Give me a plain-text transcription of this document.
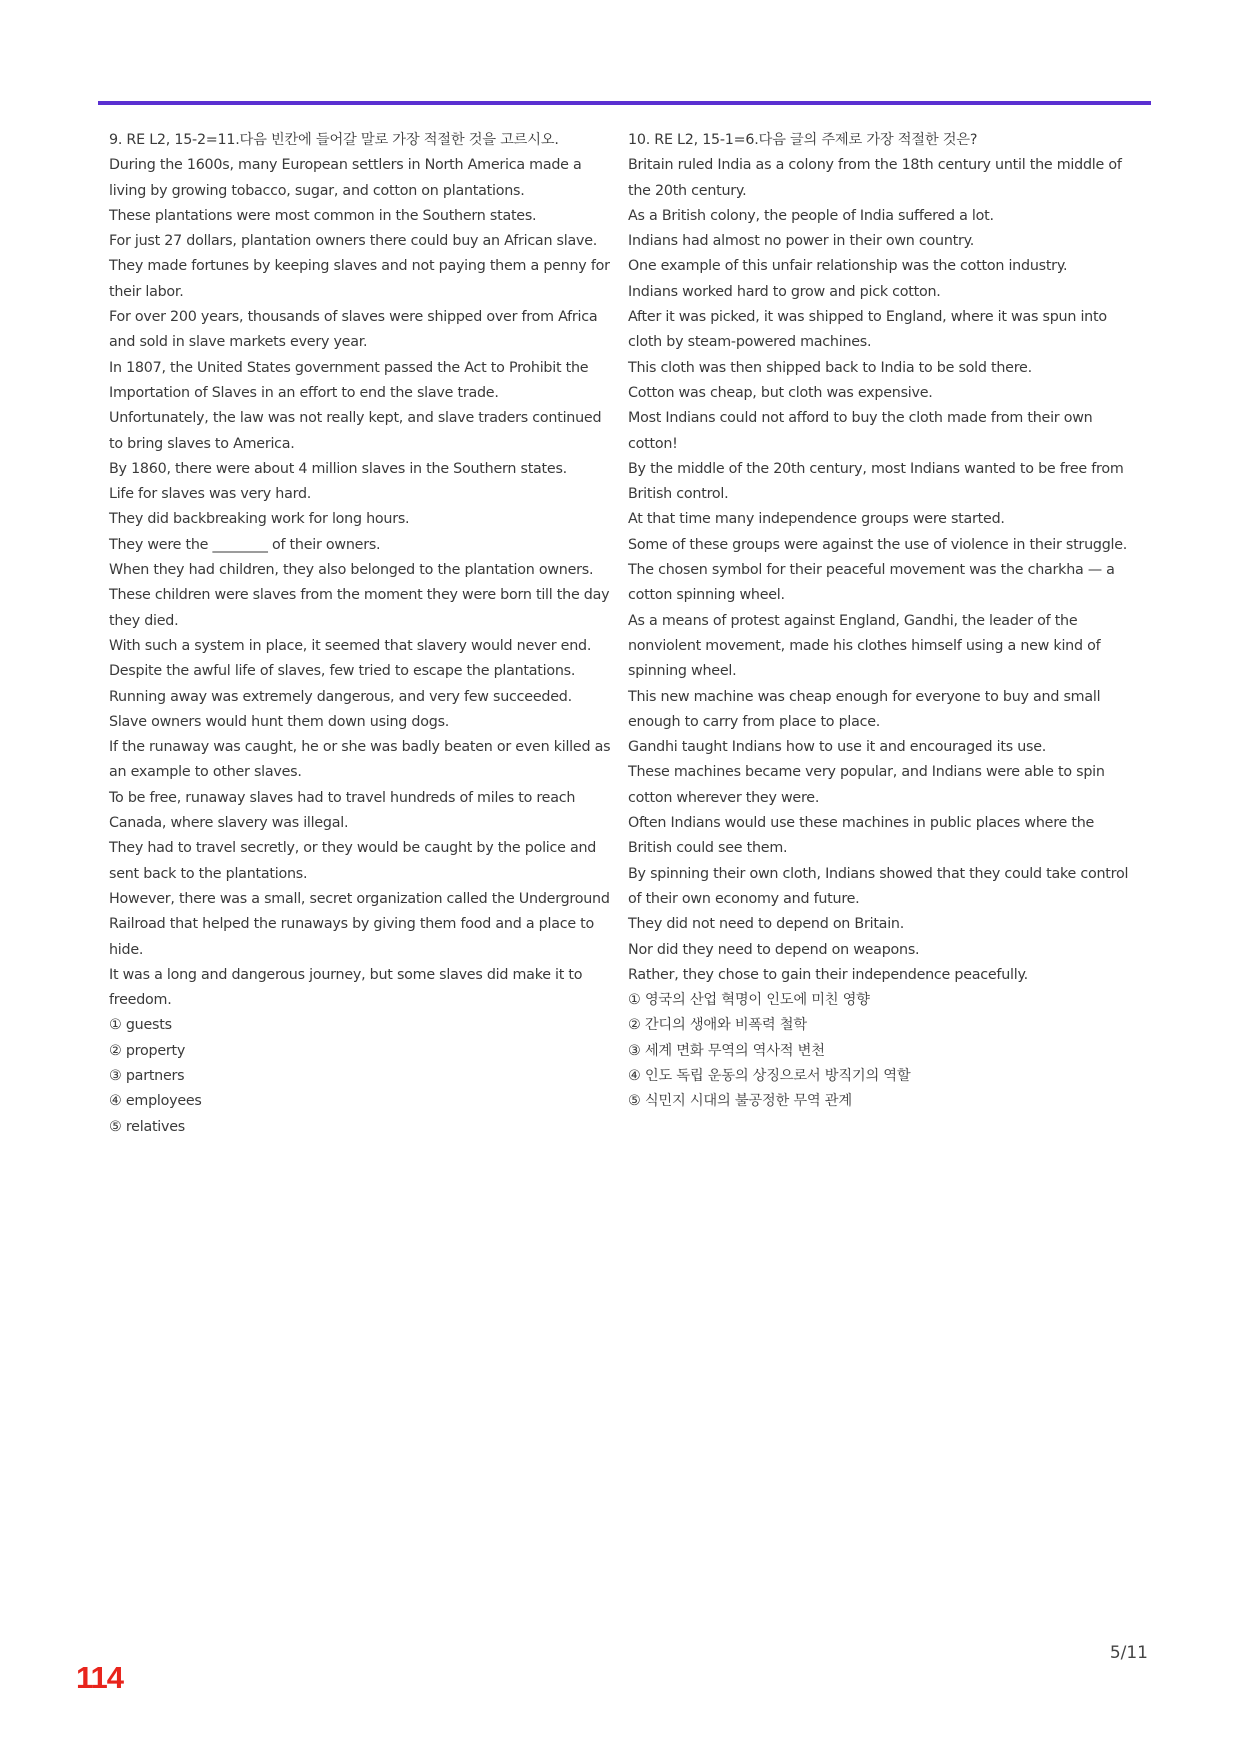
9. RE L2, 15-2=11.다음 빈칸에 들어갈 말로 가장 적절한 것을 고르시오.
During the 1600s, many European settlers in North America made a living by growing tobacco, sugar, and cotton on plantations.
These plantations were most common in the Southern states.
For just 27 dollars, plantation owners there could buy an African slave.
They made fortunes by keeping slaves and not paying them a penny for their labor.
For over 200 years, thousands of slaves were shipped over from Africa and sold in slave markets every year.
In 1807, the United States government passed the Act to Prohibit the Importation of Slaves in an effort to end the slave trade.
Unfortunately, the law was not really kept, and slave traders continued to bring slaves to America.
By 1860, there were about 4 million slaves in the Southern states.
Life for slaves was very hard.
They did backbreaking work for long hours.
They were the ________ of their owners.
When they had children, they also belonged to the plantation owners.
These children were slaves from the moment they were born till the day they died.
With such a system in place, it seemed that slavery would never end.
Despite the awful life of slaves, few tried to escape the plantations.
Running away was extremely dangerous, and very few succeeded.
Slave owners would hunt them down using dogs.
If the runaway was caught, he or she was badly beaten or even killed as an example to other slaves.
To be free, runaway slaves had to travel hundreds of miles to reach Canada, where slavery was illegal.
They had to travel secretly, or they would be caught by the police and sent back to the plantations.
However, there was a small, secret organization called the Underground Railroad that helped the runaways by giving them food and a place to hide.
It was a long and dangerous journey, but some slaves did make it to freedom.
① guests
② property
③ partners
④ employees
⑤ relatives
10. RE L2, 15-1=6.다음 글의 주제로 가장 적절한 것은?
Britain ruled India as a colony from the 18th century until the middle of the 20th century.
As a British colony, the people of India suffered a lot.
Indians had almost no power in their own country.
One example of this unfair relationship was the cotton industry.
Indians worked hard to grow and pick cotton.
After it was picked, it was shipped to England, where it was spun into cloth by steam-powered machines.
This cloth was then shipped back to India to be sold there.
Cotton was cheap, but cloth was expensive.
Most Indians could not afford to buy the cloth made from their own cotton!
By the middle of the 20th century, most Indians wanted to be free from British control.
At that time many independence groups were started.
Some of these groups were against the use of violence in their struggle.
The chosen symbol for their peaceful movement was the charkha — a cotton spinning wheel.
As a means of protest against England, Gandhi, the leader of the nonviolent movement, made his clothes himself using a new kind of spinning wheel.
This new machine was cheap enough for everyone to buy and small enough to carry from place to place.
Gandhi taught Indians how to use it and encouraged its use.
These machines became very popular, and Indians were able to spin cotton wherever they were.
Often Indians would use these machines in public places where the British could see them.
By spinning their own cloth, Indians showed that they could take control of their own economy and future.
They did not need to depend on Britain.
Nor did they need to depend on weapons.
Rather, they chose to gain their independence peacefully.
① 영국의 산업 혁명이 인도에 미친 영향
② 간디의 생애와 비폭력 철학
③ 세계 면화 무역의 역사적 변천
④ 인도 독립 운동의 상징으로서 방직기의 역할
⑤ 식민지 시대의 불공정한 무역 관계
5/11
114
